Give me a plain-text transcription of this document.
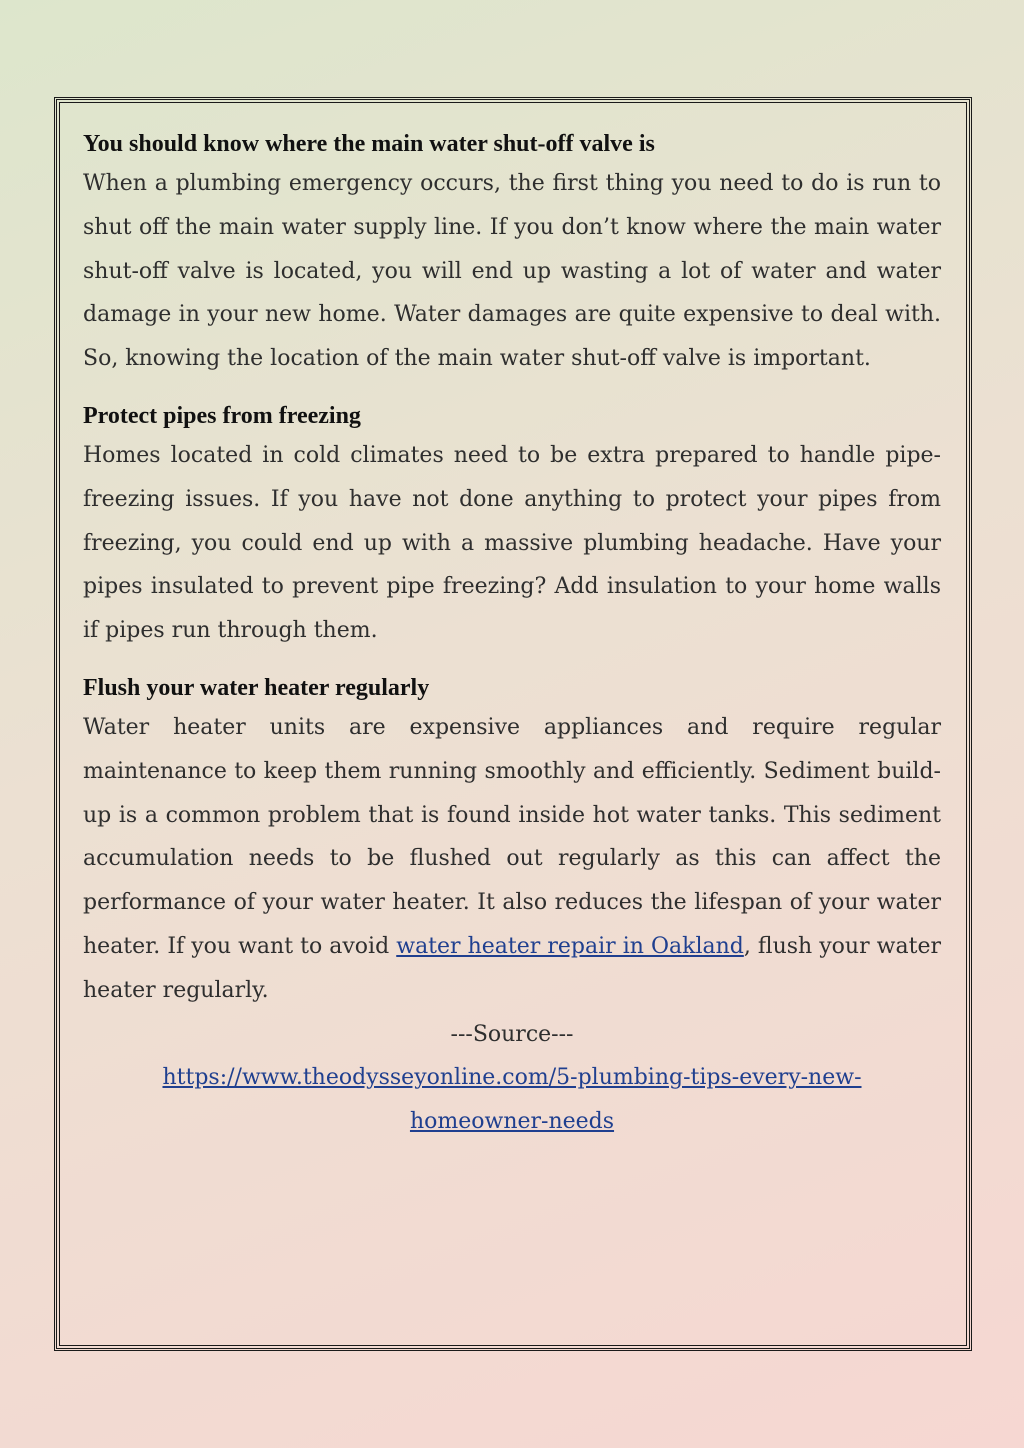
You should know where the main water shut-off valve is

When a plumbing emergency occurs, the first thing you need to do is run to shut off the main water supply line. If you don’t know where the main water shut-off valve is located, you will end up wasting a lot of water and water damage in your new home. Water damages are quite expensive to deal with. So, knowing the location of the main water shut-off valve is important.

Protect pipes from freezing

Homes located in cold climates need to be extra prepared to handle pipe-freezing issues. If you have not done anything to protect your pipes from freezing, you could end up with a massive plumbing headache. Have your pipes insulated to prevent pipe freezing? Add insulation to your home walls if pipes run through them.

Flush your water heater regularly

Water heater units are expensive appliances and require regular maintenance to keep them running smoothly and efficiently. Sediment build-up is a common problem that is found inside hot water tanks. This sediment accumulation needs to be flushed out regularly as this can affect the performance of your water heater. It also reduces the lifespan of your water heater. If you want to avoid water heater repair in Oakland, flush your water heater regularly.

---Source---

https://www.theodysseyonline.com/5-plumbing-tips-every-new-
homeowner-needs
